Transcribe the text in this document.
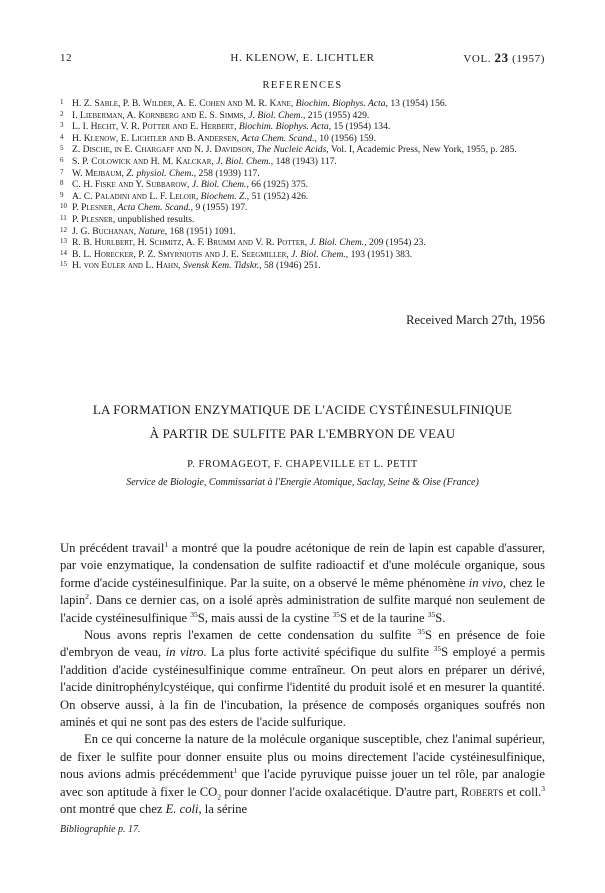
12	H. KLENOW, E. LICHTLER	VOL. 23 (1957)
REFERENCES
1 H. Z. Sable, P. B. Wilder, A. E. Cohen and M. R. Kane, Biochim. Biophys. Acta, 13 (1954) 156.
2 I. Lieberman, A. Kornberg and E. S. Simms, J. Biol. Chem., 215 (1955) 429.
3 L. I. Hecht, V. R. Potter and E. Herbert, Biochim. Biophys. Acta, 15 (1954) 134.
4 H. Klenow, E. Lichtler and B. Andersen, Acta Chem. Scand., 10 (1956) 159.
5 Z. Dische, in E. Chargaff and N. J. Davidson, The Nucleic Acids, Vol. I, Academic Press, New York, 1955, p. 285.
6 S. P. Colowick and H. M. Kalckar, J. Biol. Chem., 148 (1943) 117.
7 W. Mejbaum, Z. physiol. Chem., 258 (1939) 117.
8 C. H. Fiske and Y. Subbarow, J. Biol. Chem., 66 (1925) 375.
9 A. C. Paladini and L. F. Leloir, Biochem. Z., 51 (1952) 426.
10 P. Plesner, Acta Chem. Scand., 9 (1955) 197.
11 P. Plesner, unpublished results.
12 J. G. Buchanan, Nature, 168 (1951) 1091.
13 R. B. Hurlbert, H. Schmitz, A. F. Brumm and V. R. Potter, J. Biol. Chem., 209 (1954) 23.
14 B. L. Horecker, P. Z. Smyrniotis and J. E. Seegmiller, J. Biol. Chem., 193 (1951) 383.
15 H. von Euler and L. Hahn, Svensk Kem. Tidskr., 58 (1946) 251.
Received March 27th, 1956
LA FORMATION ENZYMATIQUE DE L'ACIDE CYSTÉINESULFINIQUE
À PARTIR DE SULFITE PAR L'EMBRYON DE VEAU
P. FROMAGEOT, F. CHAPEVILLE ET L. PETIT
Service de Biologie, Commissariat à l'Energie Atomique, Saclay, Seine & Oise (France)

Un précédent travail$^1$ a montré que la poudre acétonique de rein de lapin est capable d'assurer, par voie enzymatique, la condensation de sulfite radioactif et d'une molécule organique, sous forme d'acide cystéinesulfinique. Par la suite, on a observé le même phénomène in vivo, chez le lapin$^2$. Dans ce dernier cas, on a isolé après administration de sulfite marqué non seulement de l'acide cystéinesulfinique $^{35}$S, mais aussi de la cystine $^{35}$S et de la taurine $^{35}$S.

Nous avons repris l'examen de cette condensation du sulfite $^{35}$S en présence de foie d'embryon de veau, in vitro. La plus forte activité spécifique du sulfite $^{35}$S employé a permis l'addition d'acide cystéinesulfinique comme entraîneur. On peut alors en préparer un dérivé, l'acide dinitrophénylcystéique, qui confirme l'identité du produit isolé et en mesurer la quantité. On observe aussi, à la fin de l'incubation, la présence de composés organiques soufrés non aminés et qui ne sont pas des esters de l'acide sulfurique.

En ce qui concerne la nature de la molécule organique susceptible, chez l'animal supérieur, de fixer le sulfite pour donner ensuite plus ou moins directement l'acide cystéinesulfinique, nous avions admis précédemment$^1$ que l'acide pyruvique puisse jouer un tel rôle, par analogie avec son aptitude à fixer le $CO_2$ pour donner l'acide oxalacétique. D'autre part, Roberts et coll.$^3$ ont montré que chez E. coli, la sérine

Bibliographie p. 17.
